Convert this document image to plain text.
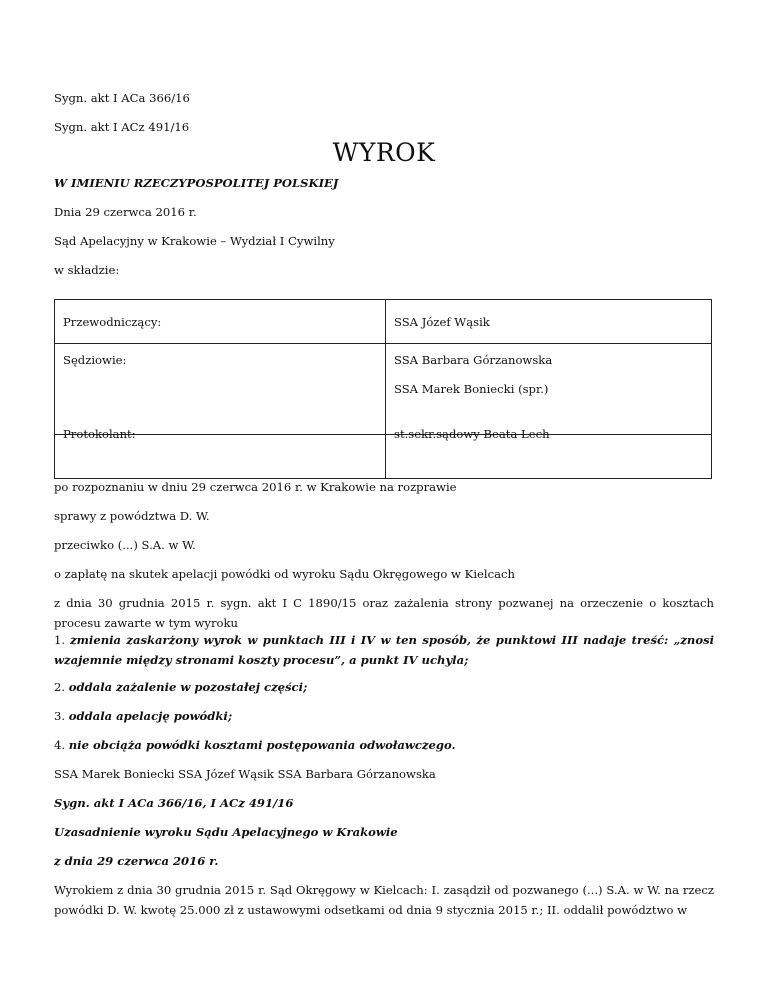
Sygn. akt I ACa 366/16
Sygn. akt I ACz 491/16
WYROK
W IMIENIU RZECZYPOSPOLITEJ POLSKIEJ
Dnia 29 czerwca 2016 r.
Sąd Apelacyjny w Krakowie – Wydział I Cywilny
w składzie:
Przewodniczący:	SSA Józef Wąsik
Sędziowie:	SSA Barbara Górzanowska
SSA Marek Boniecki (spr.)
Protokolant:	st.sekr.sądowy Beata Lech
po rozpoznaniu w dniu 29 czerwca 2016 r. w Krakowie na rozprawie
sprawy z powództwa D. W.
przeciwko (...) S.A. w W.
o zapłatę na skutek apelacji powódki od wyroku Sądu Okręgowego w Kielcach
z dnia 30 grudnia 2015 r. sygn. akt I C 1890/15 oraz zażalenia strony pozwanej na orzeczenie o kosztach procesu zawarte w tym wyroku
1. zmienia zaskarżony wyrok w punktach III i IV w ten sposób, że punktowi III nadaje treść: „znosi wzajemnie między stronami koszty procesu”, a punkt IV uchyla;
2. oddala zażalenie w pozostałej części;
3. oddala apelację powódki;
4. nie obciąża powódki kosztami postępowania odwoławczego.
SSA Marek Boniecki SSA Józef Wąsik SSA Barbara Górzanowska
Sygn. akt I ACa 366/16, I ACz 491/16
Uzasadnienie wyroku Sądu Apelacyjnego w Krakowie
z dnia 29 czerwca 2016 r.
Wyrokiem z dnia 30 grudnia 2015 r. Sąd Okręgowy w Kielcach: I. zasądził od pozwanego (...) S.A. w W. na rzecz powódki D. W. kwotę 25.000 zł z ustawowymi odsetkami od dnia 9 stycznia 2015 r.; II. oddalił powództwo w
